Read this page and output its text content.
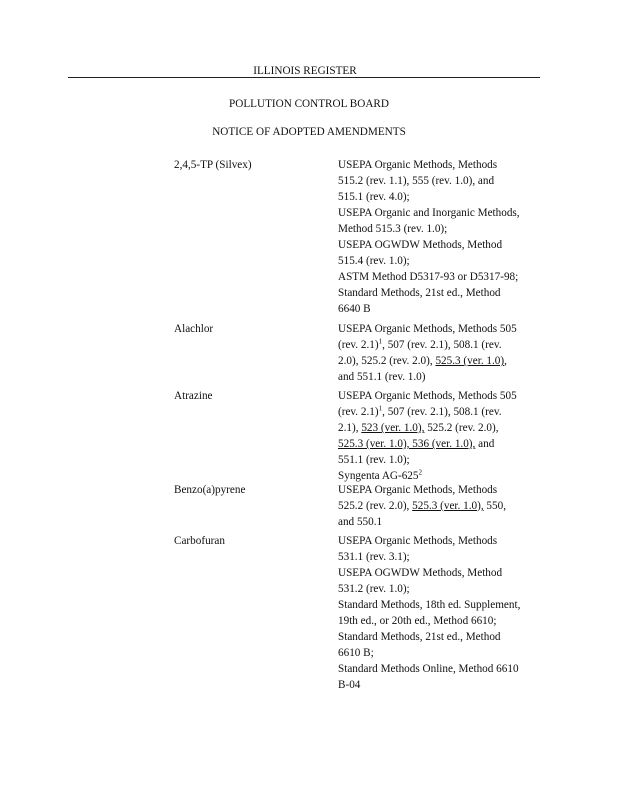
ILLINOIS REGISTER
POLLUTION CONTROL BOARD
NOTICE OF ADOPTED AMENDMENTS
2,4,5-TP (Silvex)	USEPA Organic Methods, Methods 515.2 (rev. 1.1), 555 (rev. 1.0), and 515.1 (rev. 4.0);
USEPA Organic and Inorganic Methods, Method 515.3 (rev. 1.0);
USEPA OGWDW Methods, Method 515.4 (rev. 1.0);
ASTM Method D5317-93 or D5317-98;
Standard Methods, 21st ed., Method 6640 B
Alachlor	USEPA Organic Methods, Methods 505 (rev. 2.1)$^1$, 507 (rev. 2.1), 508.1 (rev. 2.0), 525.2 (rev. 2.0), 525.3 (ver. 1.0), and 551.1 (rev. 1.0)
Atrazine	USEPA Organic Methods, Methods 505 (rev. 2.1)$^1$, 507 (rev. 2.1), 508.1 (rev. 2.1), 523 (ver. 1.0), 525.2 (rev. 2.0), 525.3 (ver. 1.0), 536 (ver. 1.0), and 551.1 (rev. 1.0);
Syngenta $AG-625^2$
Benzo(a)pyrene	USEPA Organic Methods, Methods 525.2 (rev. 2.0), 525.3 (ver. 1.0), 550, and 550.1
Carbofuran	USEPA Organic Methods, Methods 531.1 (rev. 3.1);
USEPA OGWDW Methods, Method 531.2 (rev. 1.0);
Standard Methods, 18th ed. Supplement, 19th ed., or 20th ed., Method 6610;
Standard Methods, 21st ed., Method 6610 B;
Standard Methods Online, Method 6610 B-04
